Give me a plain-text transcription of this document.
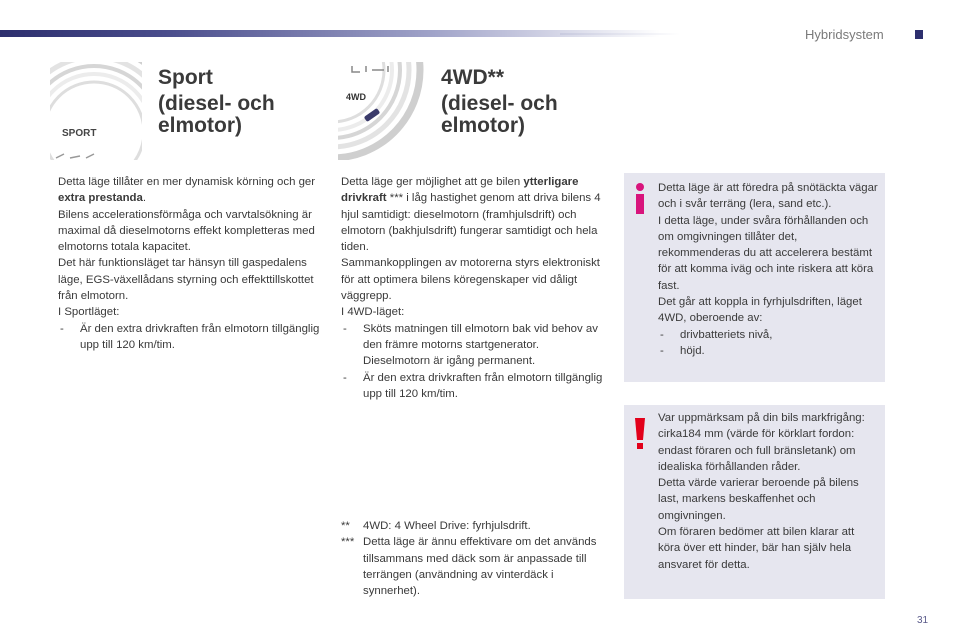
Hybridsystem
SPORT
4WD
Sport
(diesel- och
elmotor)
4WD**
(diesel- och
elmotor)

Detta läge tillåter en mer dynamisk körning och ger extra prestanda.

Bilens accelerationsförmåga och varvtalsökning är maximal då dieselmotorns effekt kompletteras med elmotorns totala kapacitet.

Det här funktionsläget tar hänsyn till gaspedalens läge, EGS-växellådans styrning och effekttillskottet från elmotorn.

I Sportläget:

- Är den extra drivkraften från elmotorn tillgänglig upp till 120 km/tim.

Detta läge ger möjlighet att ge bilen ytterligare drivkraft *** i låg hastighet genom att driva bilens 4 hjul samtidigt: dieselmotorn (framhjulsdrift) och elmotorn (bakhjulsdrift) fungerar samtidigt och hela tiden.

Sammankopplingen av motorerna styrs elektroniskt för att optimera bilens köregenskaper vid dåligt väggrepp.

I 4WD-läget:

- Sköts matningen till elmotorn bak vid behov av den främre motorns startgenerator. Dieselmotorn är igång permanent.

- Är den extra drivkraften från elmotorn tillgänglig upp till 120 km/tim.

** 4WD: 4 Wheel Drive: fyrhjulsdrift.

*** Detta läge är ännu effektivare om det används tillsammans med däck som är anpassade till terrängen (användning av vinterdäck i synnerhet).

Detta läge är att föredra på snötäckta vägar och i svår terräng (lera, sand etc.).

I detta läge, under svåra förhållanden och om omgivningen tillåter det, rekommenderas du att accelerera bestämt för att komma iväg och inte riskera att köra fast.

Det går att koppla in fyrhjulsdriften, läget 4WD, oberoende av:

- drivbatteriets nivå,

- höjd.

Var uppmärksam på din bils markfrigång: cirka184 mm (värde för körklart fordon: endast föraren och full bränsletank) om idealiska förhållanden råder.

Detta värde varierar beroende på bilens last, markens beskaffenhet och omgivningen.

Om föraren bedömer att bilen klarar att köra över ett hinder, bär han själv hela ansvaret för detta.

31
